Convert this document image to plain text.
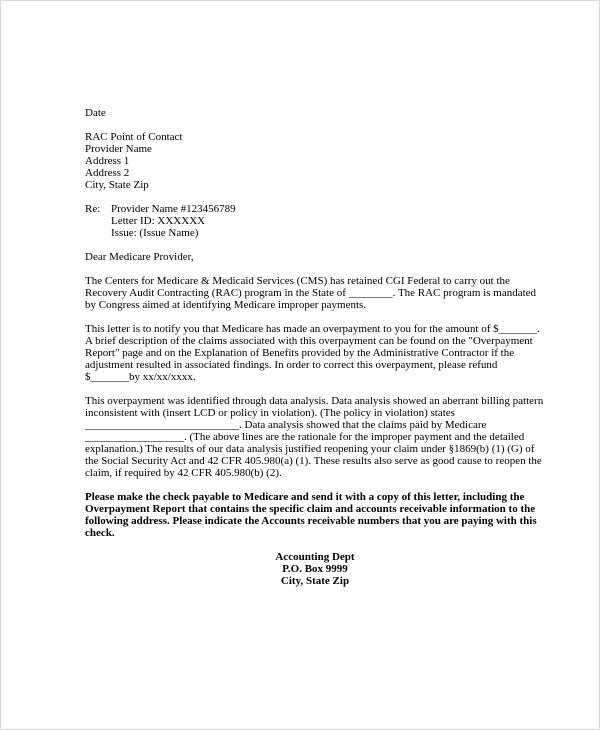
Date
RAC Point of Contact
Provider Name
Address 1
Address 2
City, State Zip
Re: Provider Name #123456789
Letter ID: XXXXXX
Issue: (Issue Name)
Dear Medicare Provider,
The Centers for Medicare & Medicaid Services (CMS) has retained CGI Federal to carry out the
Recovery Audit Contracting (RAC) program in the State of ________. The RAC program is mandated
by Congress aimed at identifying Medicare improper payments.
This letter is to notify you that Medicare has made an overpayment to you for the amount of $_______.
A brief description of the claims associated with this overpayment can be found on the "Overpayment
Report" page and on the Explanation of Benefits provided by the Administrative Contractor if the
adjustment resulted in associated findings. In order to correct this overpayment, please refund
$_______by xx/xx/xxxx.
This overpayment was identified through data analysis. Data analysis showed an aberrant billing pattern
inconsistent with (insert LCD or policy in violation). (The policy in violation) states
____________________________. Data analysis showed that the claims paid by Medicare
__________________. (The above lines are the rationale for the improper payment and the detailed
explanation.) The results of our data analysis justified reopening your claim under §1869(b) (1) (G) of
the Social Security Act and 42 CFR 405.980(a) (1). These results also serve as good cause to reopen the
claim, if required by 42 CFR 405.980(b) (2).
Please make the check payable to Medicare and send it with a copy of this letter, including the
Overpayment Report that contains the specific claim and accounts receivable information to the
following address. Please indicate the Accounts receivable numbers that you are paying with this
check.
Accounting Dept
P.O. Box 9999
City, State Zip
